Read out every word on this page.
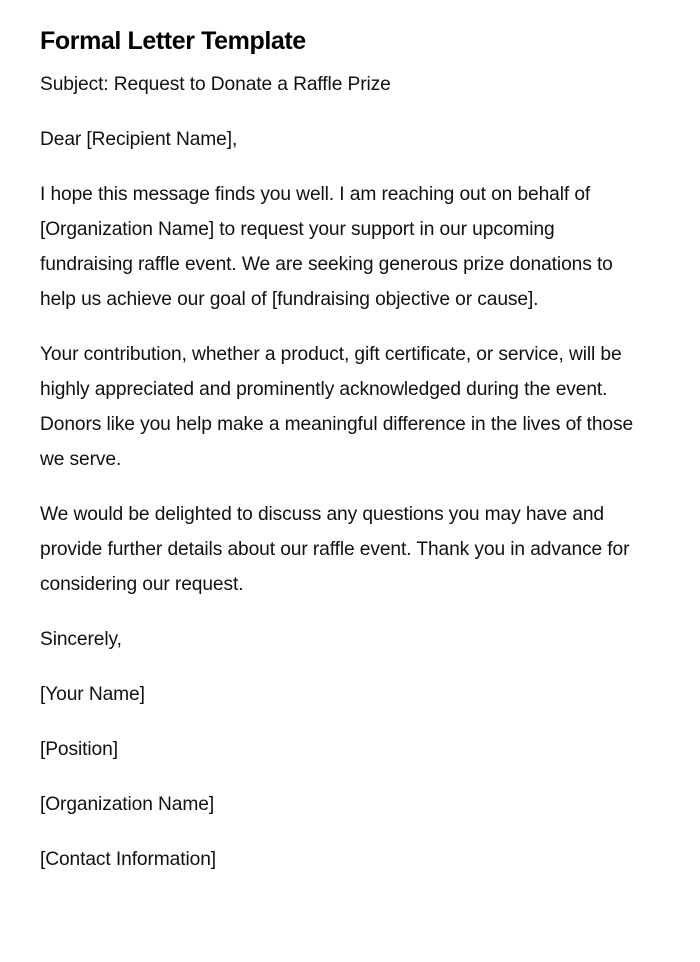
Formal Letter Template

Subject: Request to Donate a Raffle Prize

Dear [Recipient Name],

I hope this message finds you well. I am reaching out on behalf of [Organization Name] to request your support in our upcoming fundraising raffle event. We are seeking generous prize donations to help us achieve our goal of [fundraising objective or cause].

Your contribution, whether a product, gift certificate, or service, will be highly appreciated and prominently acknowledged during the event. Donors like you help make a meaningful difference in the lives of those we serve.

We would be delighted to discuss any questions you may have and provide further details about our raffle event. Thank you in advance for considering our request.

Sincerely,

[Your Name]

[Position]

[Organization Name]

[Contact Information]
